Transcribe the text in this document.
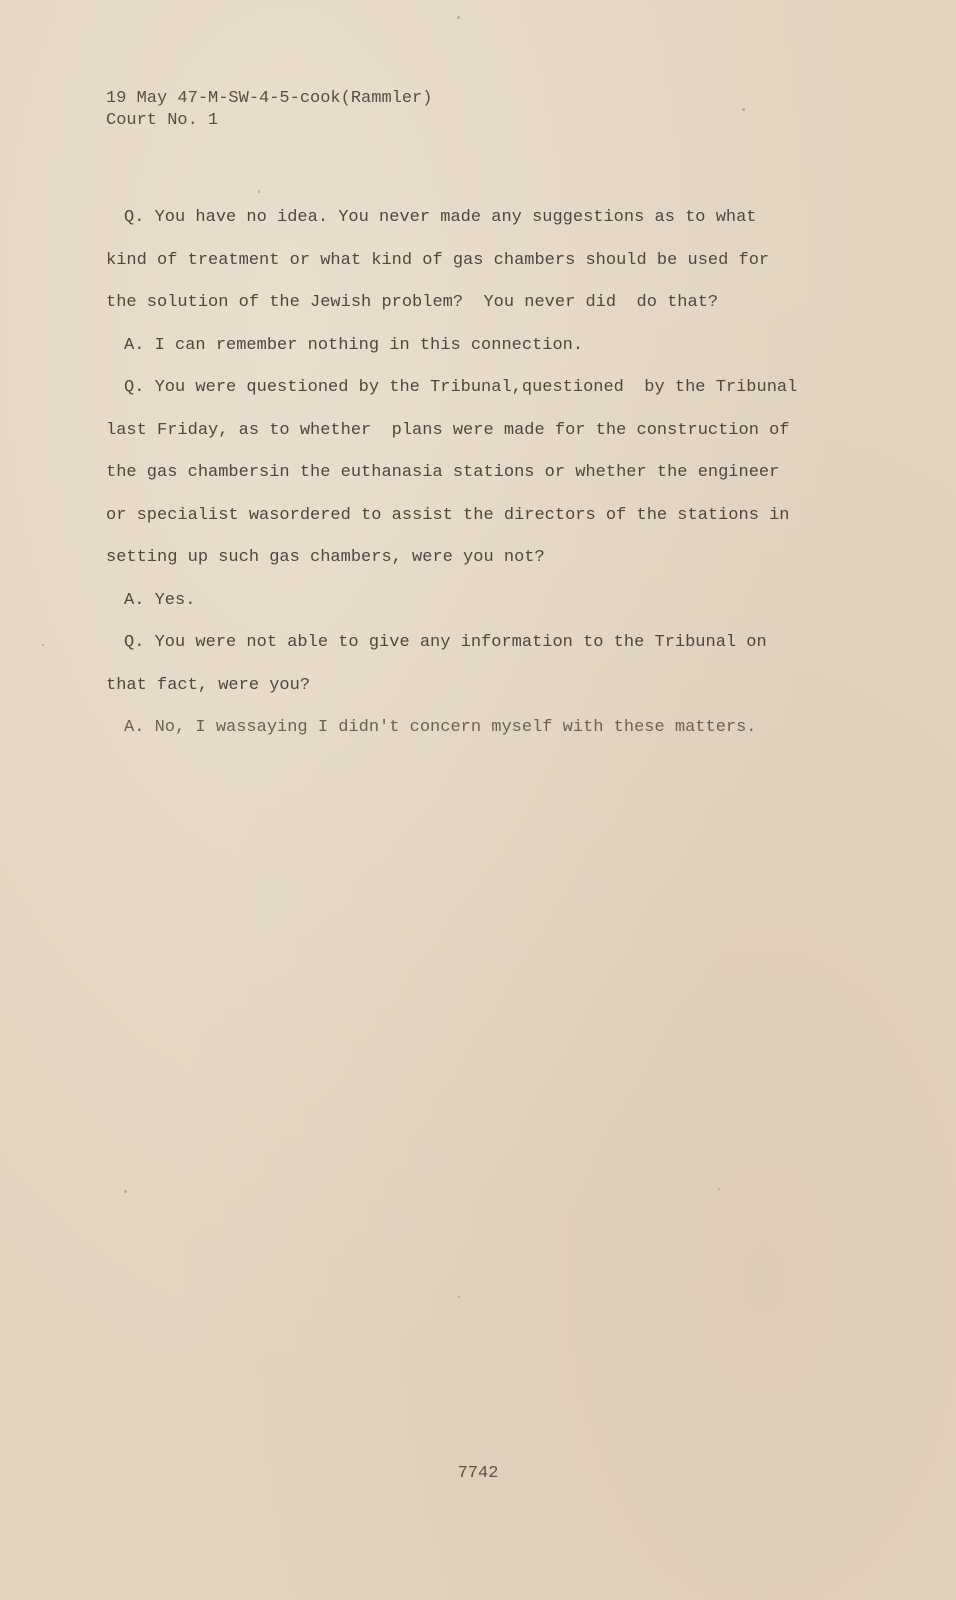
19 May 47-M-SW-4-5-cook(Rammler)
Court No. 1
Q. You have no idea. You never made any suggestions as to what
kind of treatment or what kind of gas chambers should be used for
the solution of the Jewish problem?  You never did  do that?
A. I can remember nothing in this connection.
Q. You were questioned by the Tribunal,questioned  by the Tribunal
last Friday, as to whether  plans were made for the construction of
the gas chambersin the euthanasia stations or whether the engineer
or specialist wasordered to assist the directors of the stations in
setting up such gas chambers, were you not?
A. Yes.
Q. You were not able to give any information to the Tribunal on
that fact, were you?
A. No, I wassaying I didn't concern myself with these matters.
7742
